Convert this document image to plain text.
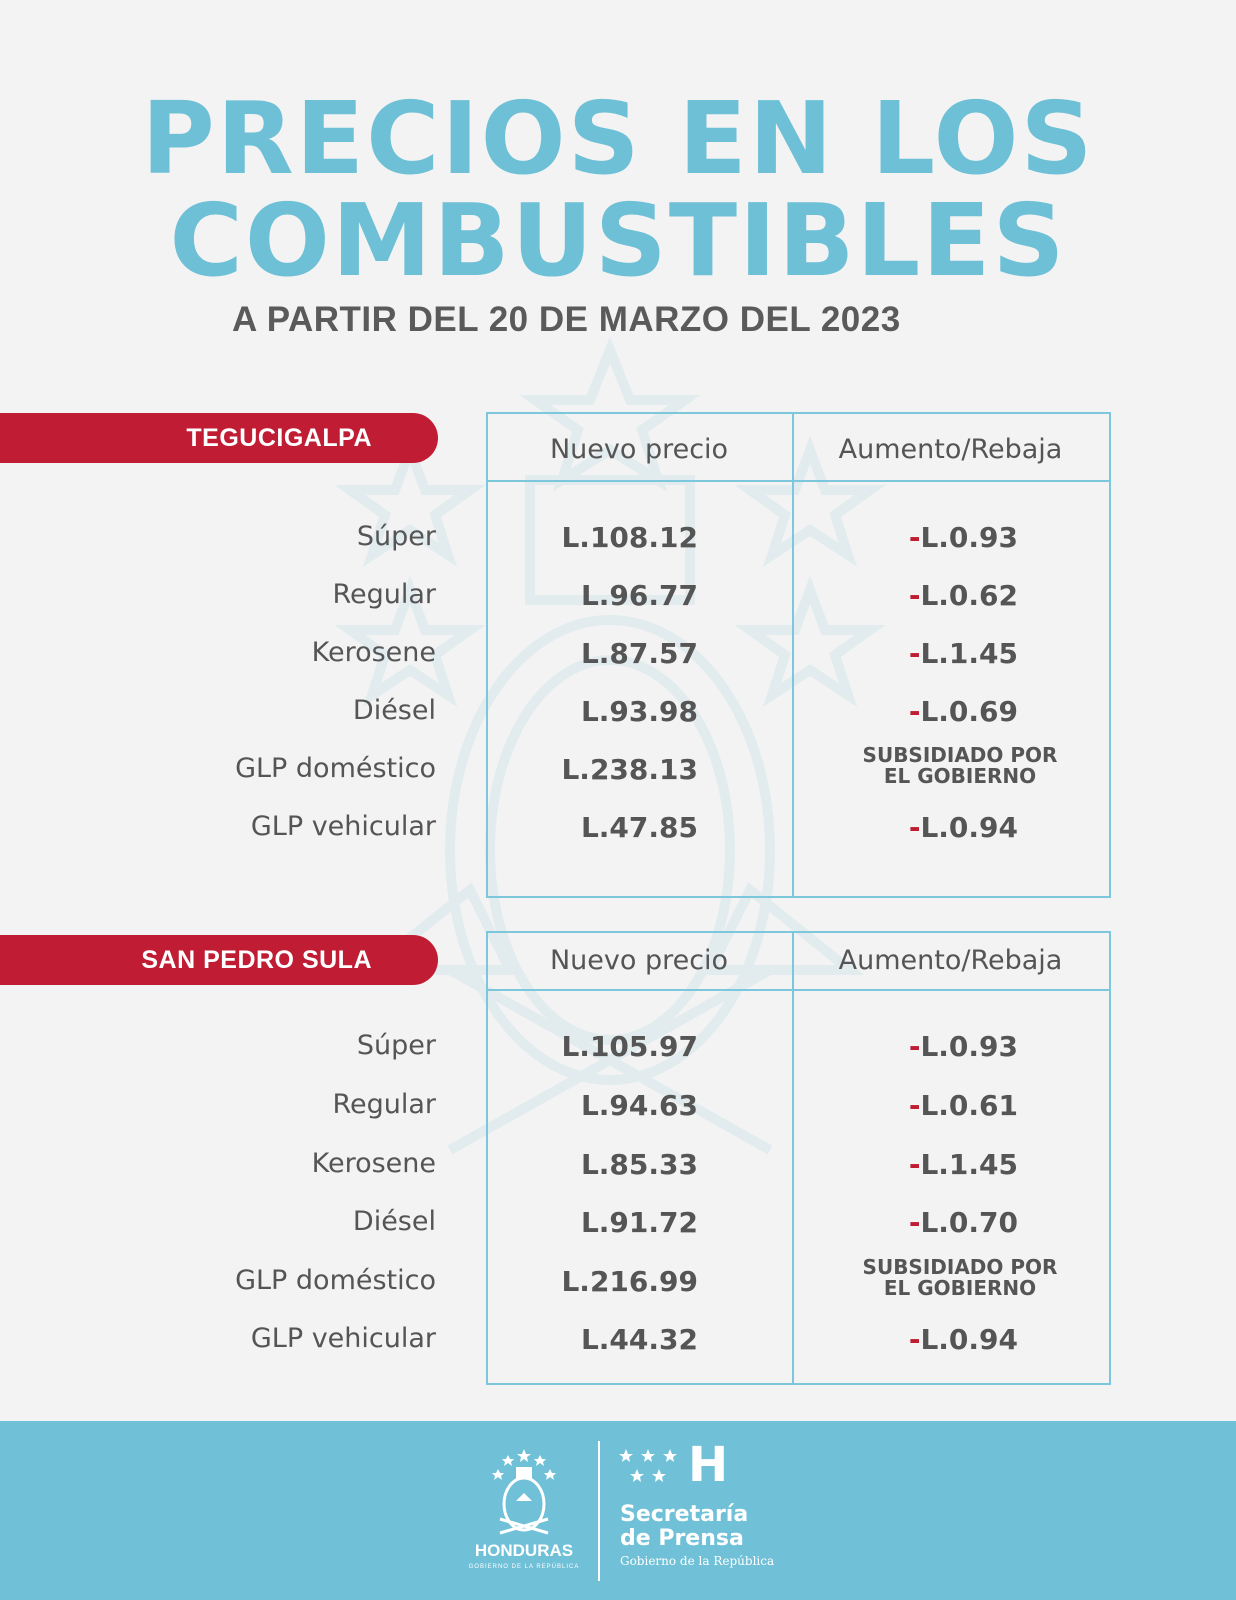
PRECIOS EN LOS
COMBUSTIBLES
A PARTIR DEL 20 DE MARZO DEL 2023
TEGUCIGALPA	Nuevo precio	Aumento/Rebaja
Súper	L.108.12	-L.0.93
Regular	L.96.77	-L.0.62
Kerosene	L.87.57	-L.1.45
Diésel	L.93.98	-L.0.69
GLP doméstico	L.238.13	SUBSIDIADO POR
EL GOBIERNO
GLP vehicular	L.47.85	-L.0.94
SAN PEDRO SULA	Nuevo precio	Aumento/Rebaja
Súper	L.105.97	-L.0.93
Regular	L.94.63	-L.0.61
Kerosene	L.85.33	-L.1.45
Diésel	L.91.72	-L.0.70
GLP doméstico	L.216.99	SUBSIDIADO POR
EL GOBIERNO
GLP vehicular	L.44.32	-L.0.94
HONDURAS
GOBIERNO DE LA REPÚBLICA
H
Secretaría
de Prensa
Gobierno de la República
